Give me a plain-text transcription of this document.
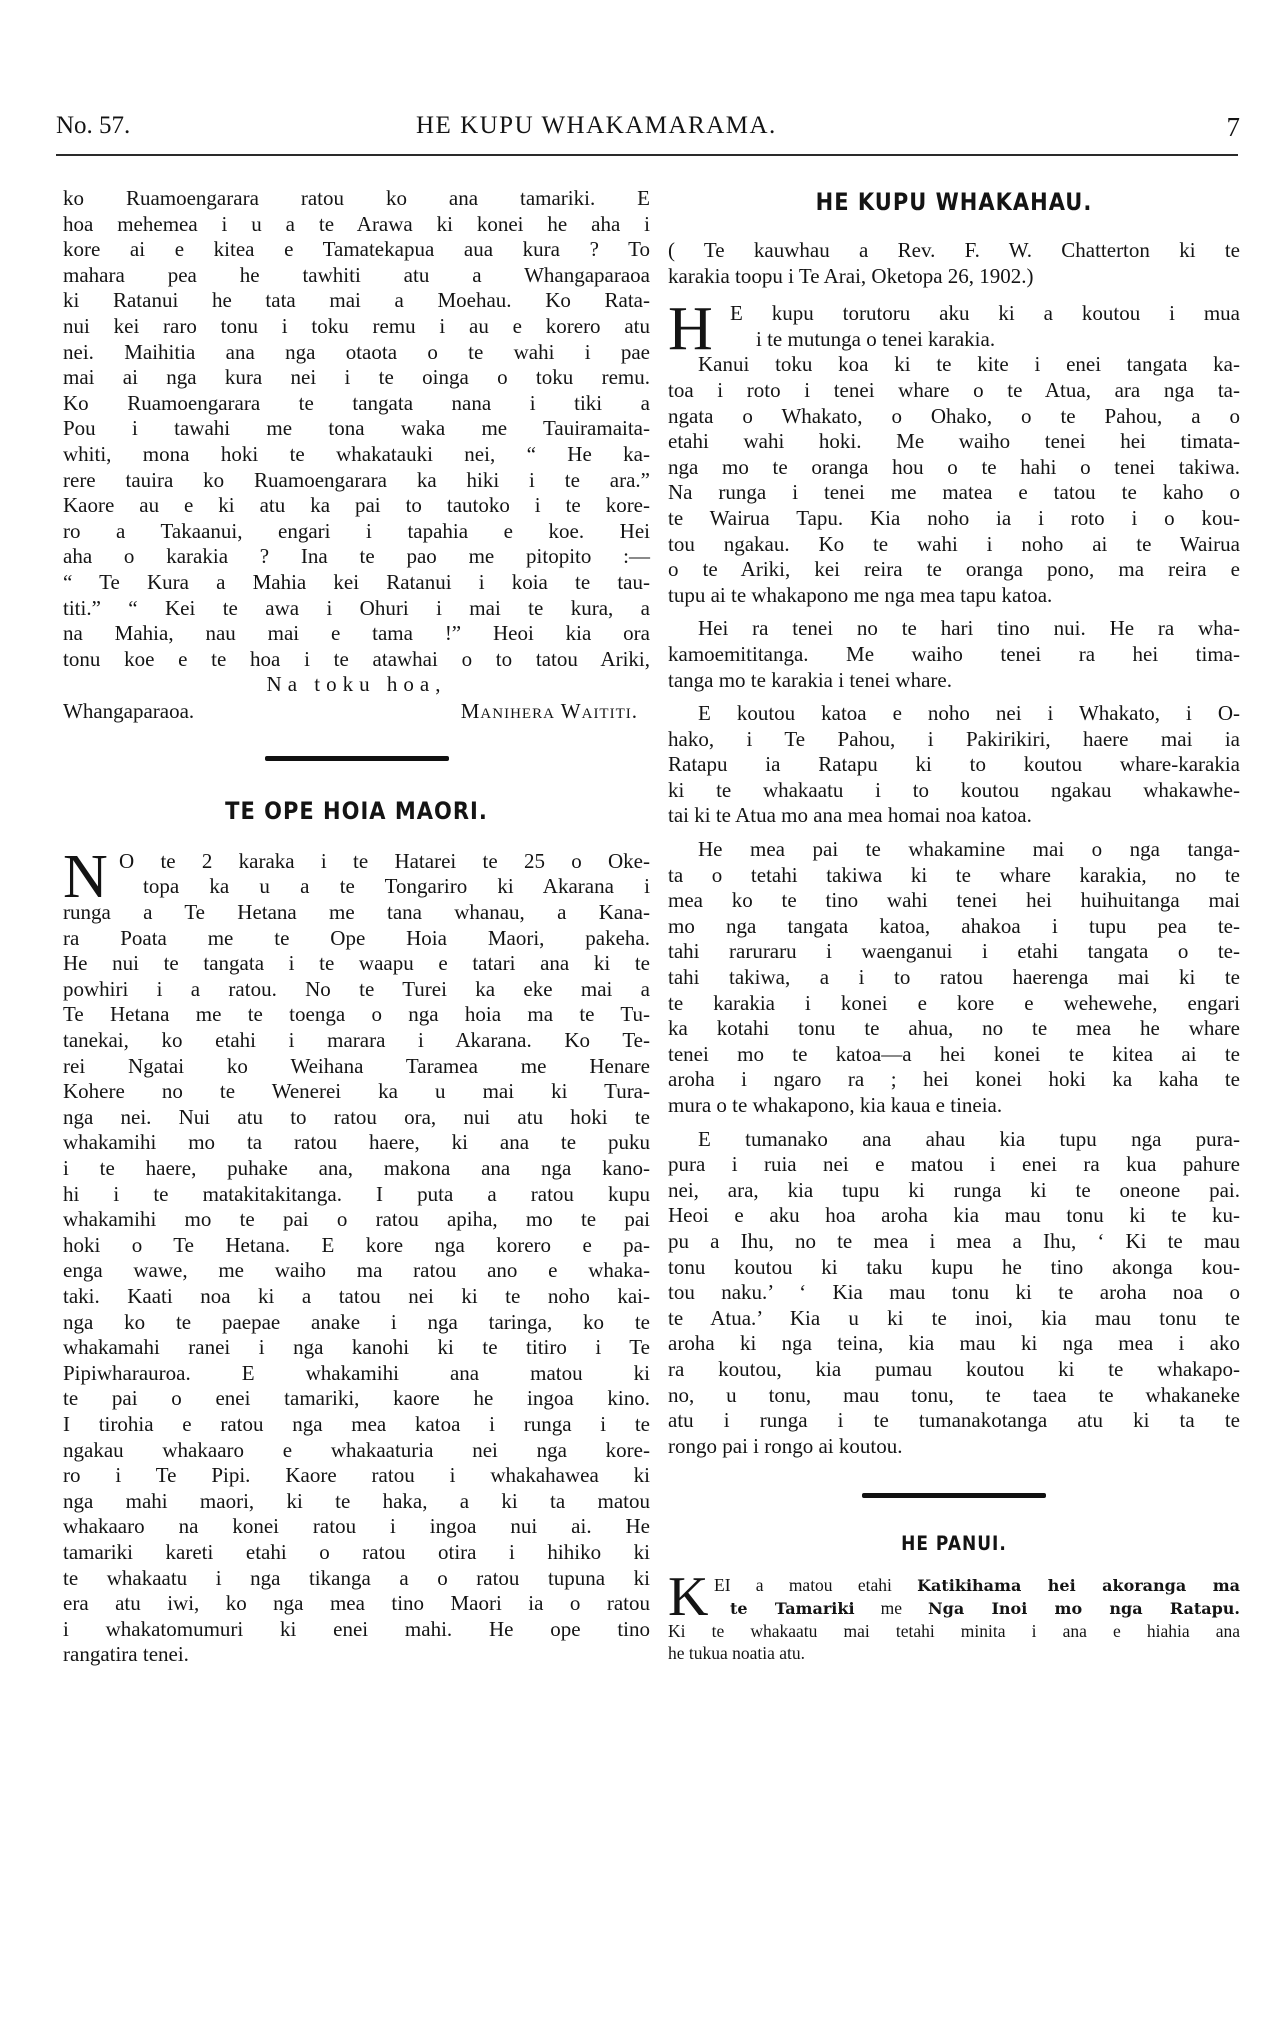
No. 57.	HE KUPU WHAKAMARAMA.	7
ko Ruamoengarara ratou ko ana tamariki. E
hoa mehemea i u a te Arawa ki konei he aha i
kore ai e kitea e Tamatekapua aua kura ? To
mahara pea he tawhiti atu a Whangaparaoa
ki Ratanui he tata mai a Moehau. Ko Rata-
nui kei raro tonu i toku remu i au e korero atu
nei. Maihitia ana nga otaota o te wahi i pae
mai ai nga kura nei i te oinga o toku remu.
Ko Ruamoengarara te tangata nana i tiki a
Pou i tawahi me tona waka me Tauiramaita-
whiti, mona hoki te whakatauki nei, “ He ka-
rere tauira ko Ruamoengarara ka hiki i te ara.”
Kaore au e ki atu ka pai to tautoko i te kore-
ro a Takaanui, engari i tapahia e koe. Hei
aha o karakia ? Ina te pao me pitopito :—
“ Te Kura a Mahia kei Ratanui i koia te tau-
titi.” “ Kei te awa i Ohuri i mai te kura, a
na Mahia, nau mai e tama !” Heoi kia ora
tonu koe e te hoa i te atawhai o to tatou Ariki,
Na toku hoa,
Whangaparaoa.	Manihera Waititi.
TE OPE HOIA MAORI.
N O te 2 karaka i te Hatarei te 25 o Oke-
topa ka u a te Tongariro ki Akarana i
runga a Te Hetana me tana whanau, a Kana-
ra Poata me te Ope Hoia Maori, pakeha.
He nui te tangata i te waapu e tatari ana ki te
powhiri i a ratou. No te Turei ka eke mai a
Te Hetana me te toenga o nga hoia ma te Tu-
tanekai, ko etahi i marara i Akarana. Ko Te-
rei Ngatai ko Weihana Taramea me Henare
Kohere no te Wenerei ka u mai ki Tura-
nga nei. Nui atu to ratou ora, nui atu hoki te
whakamihi mo ta ratou haere, ki ana te puku
i te haere, puhake ana, makona ana nga kano-
hi i te matakitakitanga. I puta a ratou kupu
whakamihi mo te pai o ratou apiha, mo te pai
hoki o Te Hetana. E kore nga korero e pa-
enga wawe, me waiho ma ratou ano e whaka-
taki. Kaati noa ki a tatou nei ki te noho kai-
nga ko te paepae anake i nga taringa, ko te
whakamahi ranei i nga kanohi ki te titiro i Te
Pipiwharauroa. E whakamihi ana matou ki
te pai o enei tamariki, kaore he ingoa kino.
I tirohia e ratou nga mea katoa i runga i te
ngakau whakaaro e whakaaturia nei nga kore-
ro i Te Pipi. Kaore ratou i whakahawea ki
nga mahi maori, ki te haka, a ki ta matou
whakaaro na konei ratou i ingoa nui ai. He
tamariki kareti etahi o ratou otira i hihiko ki
te whakaatu i nga tikanga a o ratou tupuna ki
era atu iwi, ko nga mea tino Maori ia o ratou
i whakatomumuri ki enei mahi. He ope tino
rangatira tenei.
HE KUPU WHAKAHAU.
( Te kauwhau a Rev. F. W. Chatterton ki te
karakia toopu i Te Arai, Oketopa 26, 1902.)
H E kupu torutoru aku ki a koutou i mua
i te mutunga o tenei karakia.
Kanui toku koa ki te kite i enei tangata ka-
toa i roto i tenei whare o te Atua, ara nga ta-
ngata o Whakato, o Ohako, o te Pahou, a o
etahi wahi hoki. Me waiho tenei hei timata-
nga mo te oranga hou o te hahi o tenei takiwa.
Na runga i tenei me matea e tatou te kaho o
te Wairua Tapu. Kia noho ia i roto i o kou-
tou ngakau. Ko te wahi i noho ai te Wairua
o te Ariki, kei reira te oranga pono, ma reira e
tupu ai te whakapono me nga mea tapu katoa.
Hei ra tenei no te hari tino nui. He ra wha-
kamoemititanga. Me waiho tenei ra hei tima-
tanga mo te karakia i tenei whare.
E koutou katoa e noho nei i Whakato, i O-
hako, i Te Pahou, i Pakirikiri, haere mai ia
Ratapu ia Ratapu ki to koutou whare-karakia
ki te whakaatu i to koutou ngakau whakawhe-
tai ki te Atua mo ana mea homai noa katoa.
He mea pai te whakamine mai o nga tanga-
ta o tetahi takiwa ki te whare karakia, no te
mea ko te tino wahi tenei hei huihuitanga mai
mo nga tangata katoa, ahakoa i tupu pea te-
tahi raruraru i waenganui i etahi tangata o te-
tahi takiwa, a i to ratou haerenga mai ki te
te karakia i konei e kore e wehewehe, engari
ka kotahi tonu te ahua, no te mea he whare
tenei mo te katoa—a hei konei te kitea ai te
aroha i ngaro ra ; hei konei hoki ka kaha te
mura o te whakapono, kia kaua e tineia.
E tumanako ana ahau kia tupu nga pura-
pura i ruia nei e matou i enei ra kua pahure
nei, ara, kia tupu ki runga ki te oneone pai.
Heoi e aku hoa aroha kia mau tonu ki te ku-
pu a Ihu, no te mea i mea a Ihu, ‘ Ki te mau
tonu koutou ki taku kupu he tino akonga kou-
tou naku.’ ‘ Kia mau tonu ki te aroha noa o
te Atua.’ Kia u ki te inoi, kia mau tonu te
aroha ki nga teina, kia mau ki nga mea i ako
ra koutou, kia pumau koutou ki te whakapo-
no, u tonu, mau tonu, te taea te whakaneke
atu i runga i te tumanakotanga atu ki ta te
rongo pai i rongo ai koutou.
HE PANUI.
K EI a matou etahi Katikihama hei akoranga ma
te Tamariki me Nga Inoi mo nga Ratapu.
Ki te whakaatu mai tetahi minita i ana e hiahia ana
he tukua noatia atu.
